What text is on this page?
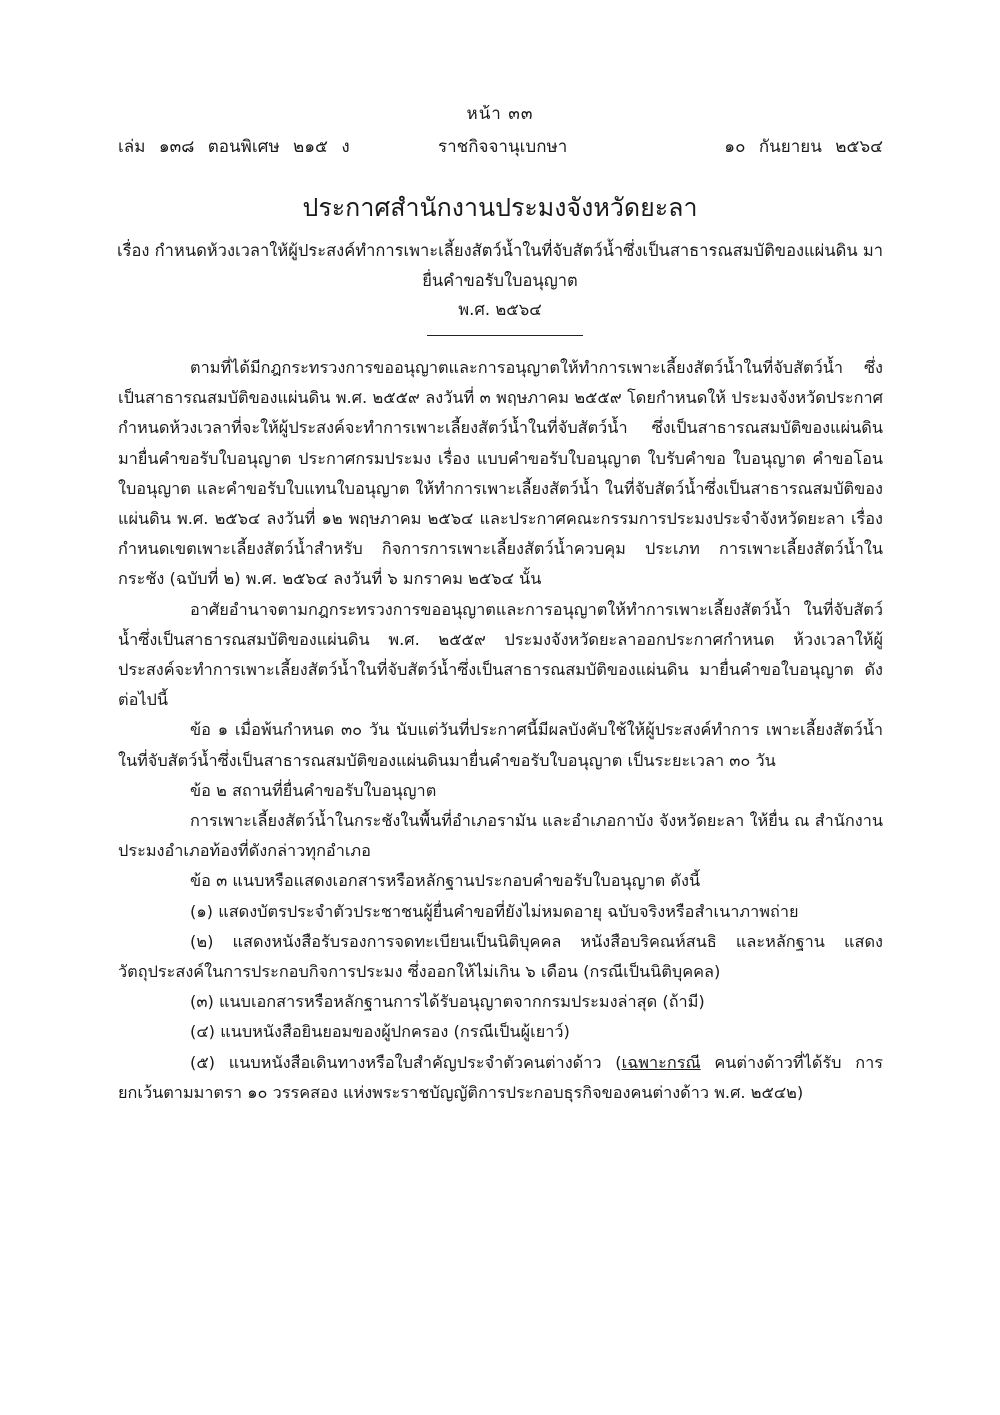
หน้า ๓๓
เล่ม ๑๓๘ ตอนพิเศษ ๒๑๕ ง	ราชกิจจานุเบกษา	๑๐ กันยายน ๒๕๖๔
ประกาศสำนักงานประมงจังหวัดยะลา
เรื่อง กำหนดห้วงเวลาให้ผู้ประสงค์ทำการเพาะเลี้ยงสัตว์น้ำในที่จับสัตว์น้ำซึ่งเป็นสาธารณสมบัติของแผ่นดิน มายื่นคำขอรับใบอนุญาต
พ.ศ. ๒๕๖๔

ตามที่ได้มีกฎกระทรวงการขออนุญาตและการอนุญาตให้ทำการเพาะเลี้ยงสัตว์น้ำในที่จับสัตว์น้ำ ซึ่งเป็นสาธารณสมบัติของแผ่นดิน พ.ศ. ๒๕๕๙ ลงวันที่ ๓ พฤษภาคม ๒๕๕๙ โดยกำหนดให้ ประมงจังหวัดประกาศกำหนดห้วงเวลาที่จะให้ผู้ประสงค์จะทำการเพาะเลี้ยงสัตว์น้ำในที่จับสัตว์น้ำ ซึ่งเป็นสาธารณสมบัติของแผ่นดินมายื่นคำขอรับใบอนุญาต ประกาศกรมประมง เรื่อง แบบคำขอรับใบอนุญาต ใบรับคำขอ ใบอนุญาต คำขอโอนใบอนุญาต และคำขอรับใบแทนใบอนุญาต ให้ทำการเพาะเลี้ยงสัตว์น้ำ ในที่จับสัตว์น้ำซึ่งเป็นสาธารณสมบัติของแผ่นดิน พ.ศ. ๒๕๖๔ ลงวันที่ ๑๒ พฤษภาคม ๒๕๖๔ และประกาศคณะกรรมการประมงประจำจังหวัดยะลา เรื่อง กำหนดเขตเพาะเลี้ยงสัตว์น้ำสำหรับ กิจการการเพาะเลี้ยงสัตว์น้ำควบคุม ประเภท การเพาะเลี้ยงสัตว์น้ำในกระชัง (ฉบับที่ ๒) พ.ศ. ๒๕๖๔ ลงวันที่ ๖ มกราคม ๒๕๖๔ นั้น

อาศัยอำนาจตามกฎกระทรวงการขออนุญาตและการอนุญาตให้ทำการเพาะเลี้ยงสัตว์น้ำ ในที่จับสัตว์น้ำซึ่งเป็นสาธารณสมบัติของแผ่นดิน พ.ศ. ๒๕๕๙ ประมงจังหวัดยะลาออกประกาศกำหนด ห้วงเวลาให้ผู้ประสงค์จะทำการเพาะเลี้ยงสัตว์น้ำในที่จับสัตว์น้ำซึ่งเป็นสาธารณสมบัติของแผ่นดิน มายื่นคำขอใบอนุญาต ดังต่อไปนี้

ข้อ ๑ เมื่อพ้นกำหนด ๓๐ วัน นับแต่วันที่ประกาศนี้มีผลบังคับใช้ให้ผู้ประสงค์ทำการ เพาะเลี้ยงสัตว์น้ำในที่จับสัตว์น้ำซึ่งเป็นสาธารณสมบัติของแผ่นดินมายื่นคำขอรับใบอนุญาต เป็นระยะเวลา ๓๐ วัน

ข้อ ๒ สถานที่ยื่นคำขอรับใบอนุญาต

การเพาะเลี้ยงสัตว์น้ำในกระชังในพื้นที่อำเภอรามัน และอำเภอกาบัง จังหวัดยะลา ให้ยื่น ณ สำนักงานประมงอำเภอท้องที่ดังกล่าวทุกอำเภอ

ข้อ ๓ แนบหรือแสดงเอกสารหรือหลักฐานประกอบคำขอรับใบอนุญาต ดังนี้

(๑) แสดงบัตรประจำตัวประชาชนผู้ยื่นคำขอที่ยังไม่หมดอายุ ฉบับจริงหรือสำเนาภาพถ่าย

(๒) แสดงหนังสือรับรองการจดทะเบียนเป็นนิติบุคคล หนังสือบริคณห์สนธิ และหลักฐาน แสดงวัตถุประสงค์ในการประกอบกิจการประมง ซึ่งออกให้ไม่เกิน ๖ เดือน (กรณีเป็นนิติบุคคล)

(๓) แนบเอกสารหรือหลักฐานการได้รับอนุญาตจากกรมประมงล่าสุด (ถ้ามี)

(๔) แนบหนังสือยินยอมของผู้ปกครอง (กรณีเป็นผู้เยาว์)

(๕) แนบหนังสือเดินทางหรือใบสำคัญประจำตัวคนต่างด้าว (เฉพาะกรณี คนต่างด้าวที่ได้รับ การยกเว้นตามมาตรา ๑๐ วรรคสอง แห่งพระราชบัญญัติการประกอบธุรกิจของคนต่างด้าว พ.ศ. ๒๕๔๒)
